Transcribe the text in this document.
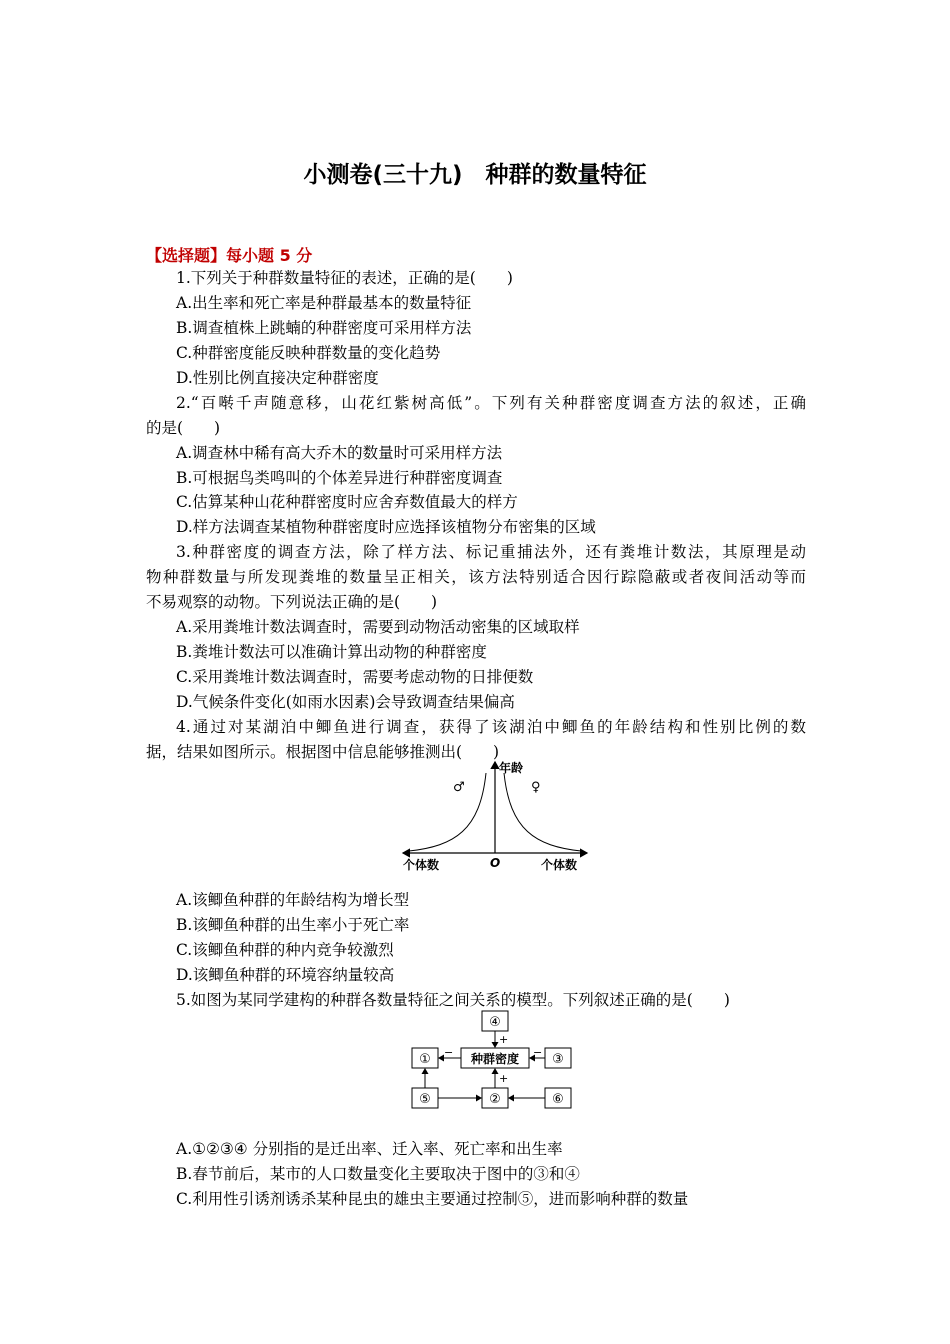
小测卷(三十九)　种群的数量特征
【选择题】每小题 5 分
1.下列关于种群数量特征的表述，正确的是(　　)
A.出生率和死亡率是种群最基本的数量特征
B.调查植株上跳蝻的种群密度可采用样方法
C.种群密度能反映种群数量的变化趋势
D.性别比例直接决定种群密度
2.“百啭千声随意移，山花红紫树高低”。下列有关种群密度调查方法的叙述，正确
的是(　　)
A.调查林中稀有高大乔木的数量时可采用样方法
B.可根据鸟类鸣叫的个体差异进行种群密度调查
C.估算某种山花种群密度时应舍弃数值最大的样方
D.样方法调查某植物种群密度时应选择该植物分布密集的区域
3.种群密度的调查方法，除了样方法、标记重捕法外，还有粪堆计数法，其原理是动
物种群数量与所发现粪堆的数量呈正相关，该方法特别适合因行踪隐蔽或者夜间活动等而
不易观察的动物。下列说法正确的是(　　)
A.采用粪堆计数法调查时，需要到动物活动密集的区域取样
B.粪堆计数法可以准确计算出动物的种群密度
C.采用粪堆计数法调查时，需要考虑动物的日排便数
D.气候条件变化(如雨水因素)会导致调查结果偏高
4.通过对某湖泊中鲫鱼进行调查，获得了该湖泊中鲫鱼的年龄结构和性别比例的数
据，结果如图所示。根据图中信息能够推测出(　　)
年龄
♂	♀
O
个体数	个体数
A.该鲫鱼种群的年龄结构为增长型
B.该鲫鱼种群的出生率小于死亡率
C.该鲫鱼种群的种内竞争较激烈
D.该鲫鱼种群的环境容纳量较高
5.如图为某同学建构的种群各数量特征之间关系的模型。下列叙述正确的是(　　)
④
种群密度
①	③
⑤	②	⑥
+
−	−
+
A.①②③④ 分别指的是迁出率、迁入率、死亡率和出生率
B.春节前后，某市的人口数量变化主要取决于图中的③和④
C.利用性引诱剂诱杀某种昆虫的雄虫主要通过控制⑤，进而影响种群的数量
